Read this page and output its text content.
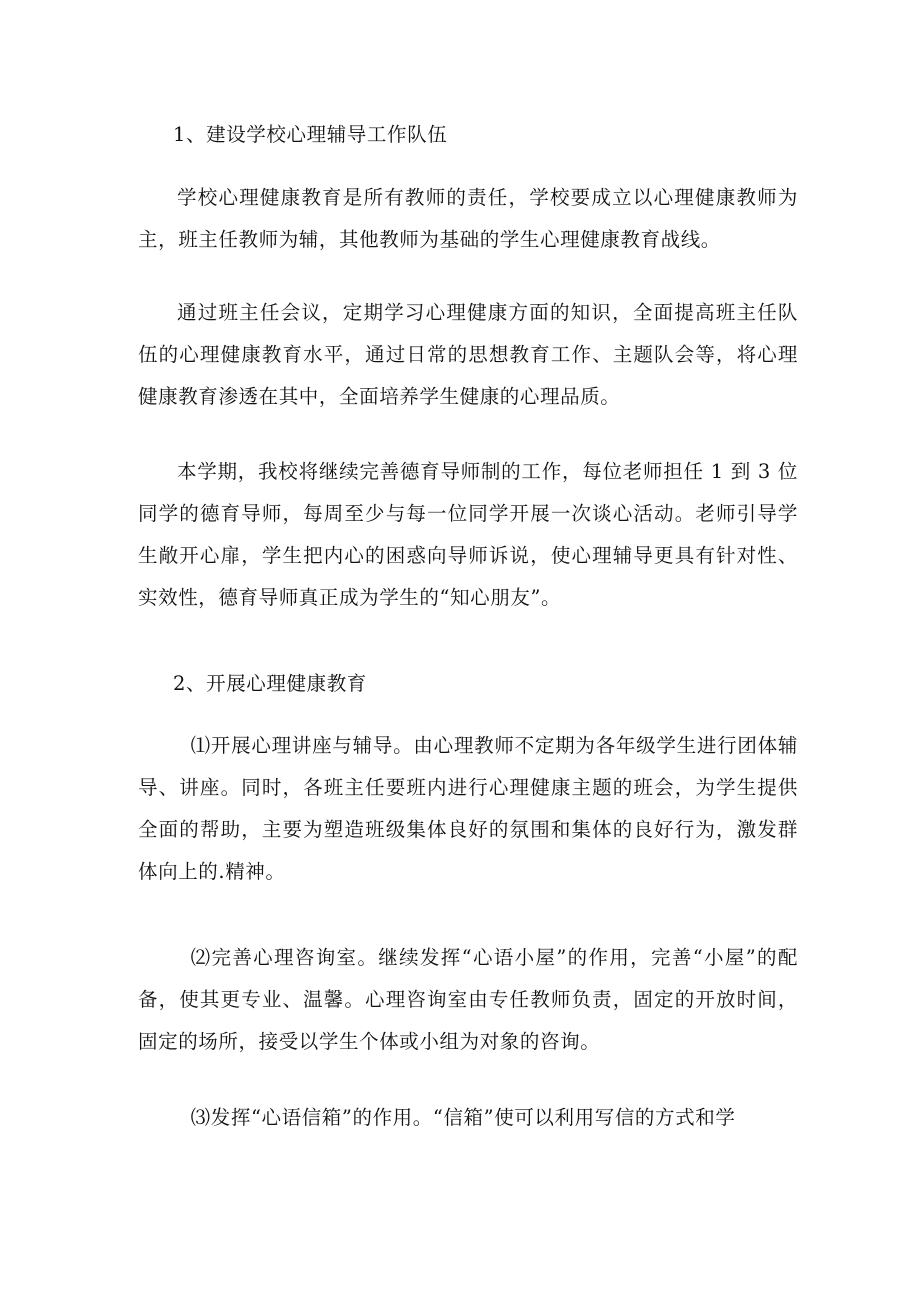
1、建设学校心理辅导工作队伍

学校心理健康教育是所有教师的责任，学校要成立以心理健康教师为主，班主任教师为辅，其他教师为基础的学生心理健康教育战线。

通过班主任会议，定期学习心理健康方面的知识，全面提高班主任队伍的心理健康教育水平，通过日常的思想教育工作、主题队会等，将心理健康教育渗透在其中，全面培养学生健康的心理品质。

本学期，我校将继续完善德育导师制的工作，每位老师担任 1 到 3 位同学的德育导师，每周至少与每一位同学开展一次谈心活动。老师引导学生敞开心扉，学生把内心的困惑向导师诉说，使心理辅导更具有针对性、实效性，德育导师真正成为学生的“知心朋友”。

2、开展心理健康教育

⑴开展心理讲座与辅导。由心理教师不定期为各年级学生进行团体辅导、讲座。同时，各班主任要班内进行心理健康主题的班会，为学生提供全面的帮助，主要为塑造班级集体良好的氛围和集体的良好行为，激发群体向上的.精神。

⑵完善心理咨询室。继续发挥“心语小屋”的作用，完善“小屋”的配备，使其更专业、温馨。心理咨询室由专任教师负责，固定的开放时间，固定的场所，接受以学生个体或小组为对象的咨询。

⑶发挥“心语信箱”的作用。“信箱”使可以利用写信的方式和学
